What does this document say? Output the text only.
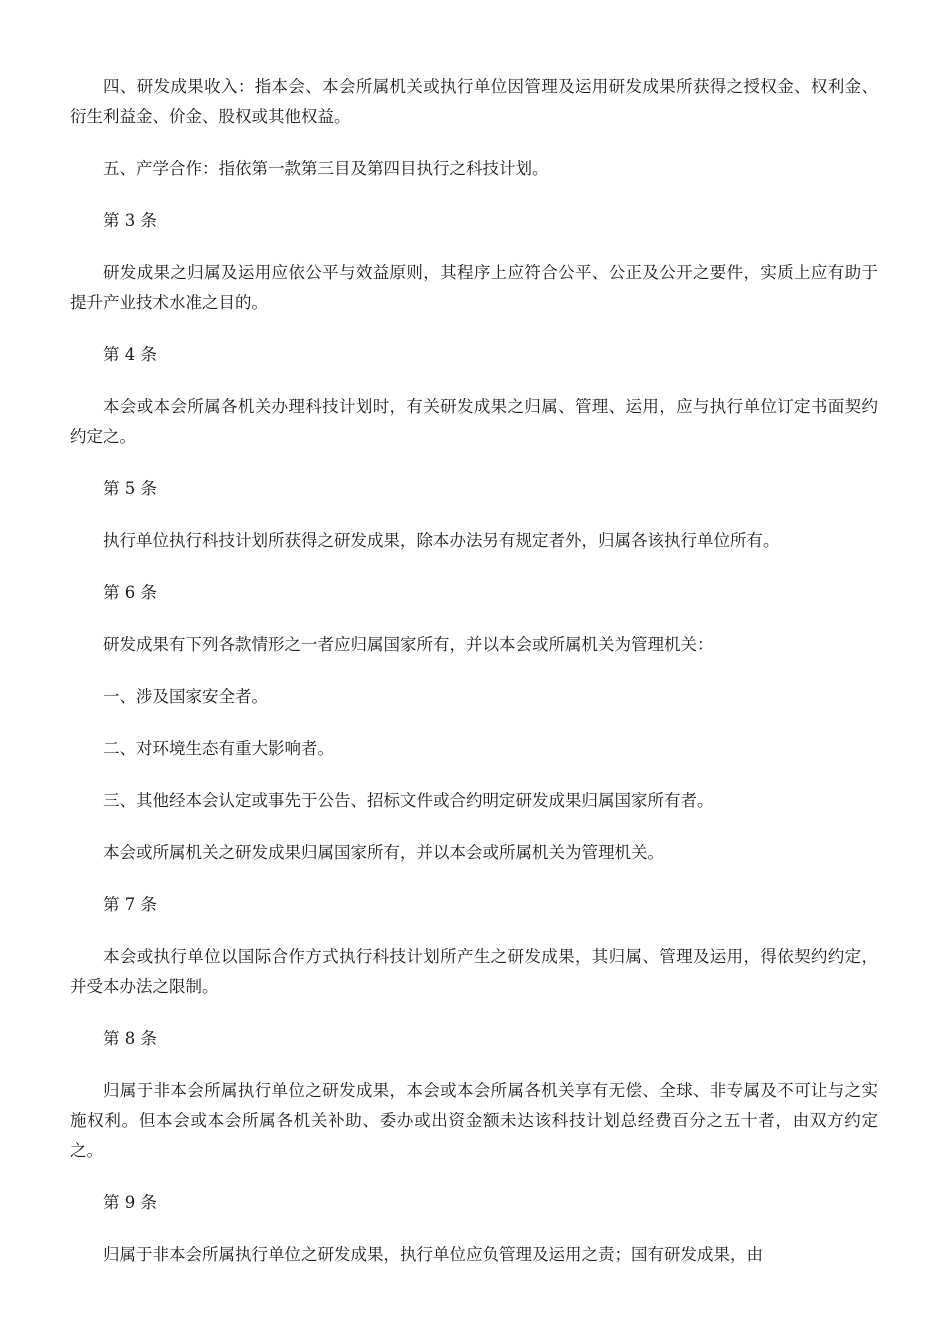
四、研发成果收入：指本会、本会所属机关或执行单位因管理及运用研发成果所获得之授权金、权利金、衍生利益金、价金、股权或其他权益。

五、产学合作：指依第一款第三目及第四目执行之科技计划。

第 3 条

研发成果之归属及运用应依公平与效益原则，其程序上应符合公平、公正及公开之要件，实质上应有助于提升产业技术水准之目的。

第 4 条

本会或本会所属各机关办理科技计划时，有关研发成果之归属、管理、运用，应与执行单位订定书面契约约定之。

第 5 条

执行单位执行科技计划所获得之研发成果，除本办法另有规定者外，归属各该执行单位所有。

第 6 条

研发成果有下列各款情形之一者应归属国家所有，并以本会或所属机关为管理机关：

一、涉及国家安全者。

二、对环境生态有重大影响者。

三、其他经本会认定或事先于公告、招标文件或合约明定研发成果归属国家所有者。

本会或所属机关之研发成果归属国家所有，并以本会或所属机关为管理机关。

第 7 条

本会或执行单位以国际合作方式执行科技计划所产生之研发成果，其归属、管理及运用，得依契约约定，并受本办法之限制。

第 8 条

归属于非本会所属执行单位之研发成果，本会或本会所属各机关享有无偿、全球、非专属及不可让与之实施权利。但本会或本会所属各机关补助、委办或出资金额未达该科技计划总经费百分之五十者，由双方约定之。

第 9 条

归属于非本会所属执行单位之研发成果，执行单位应负管理及运用之责；国有研发成果，由
